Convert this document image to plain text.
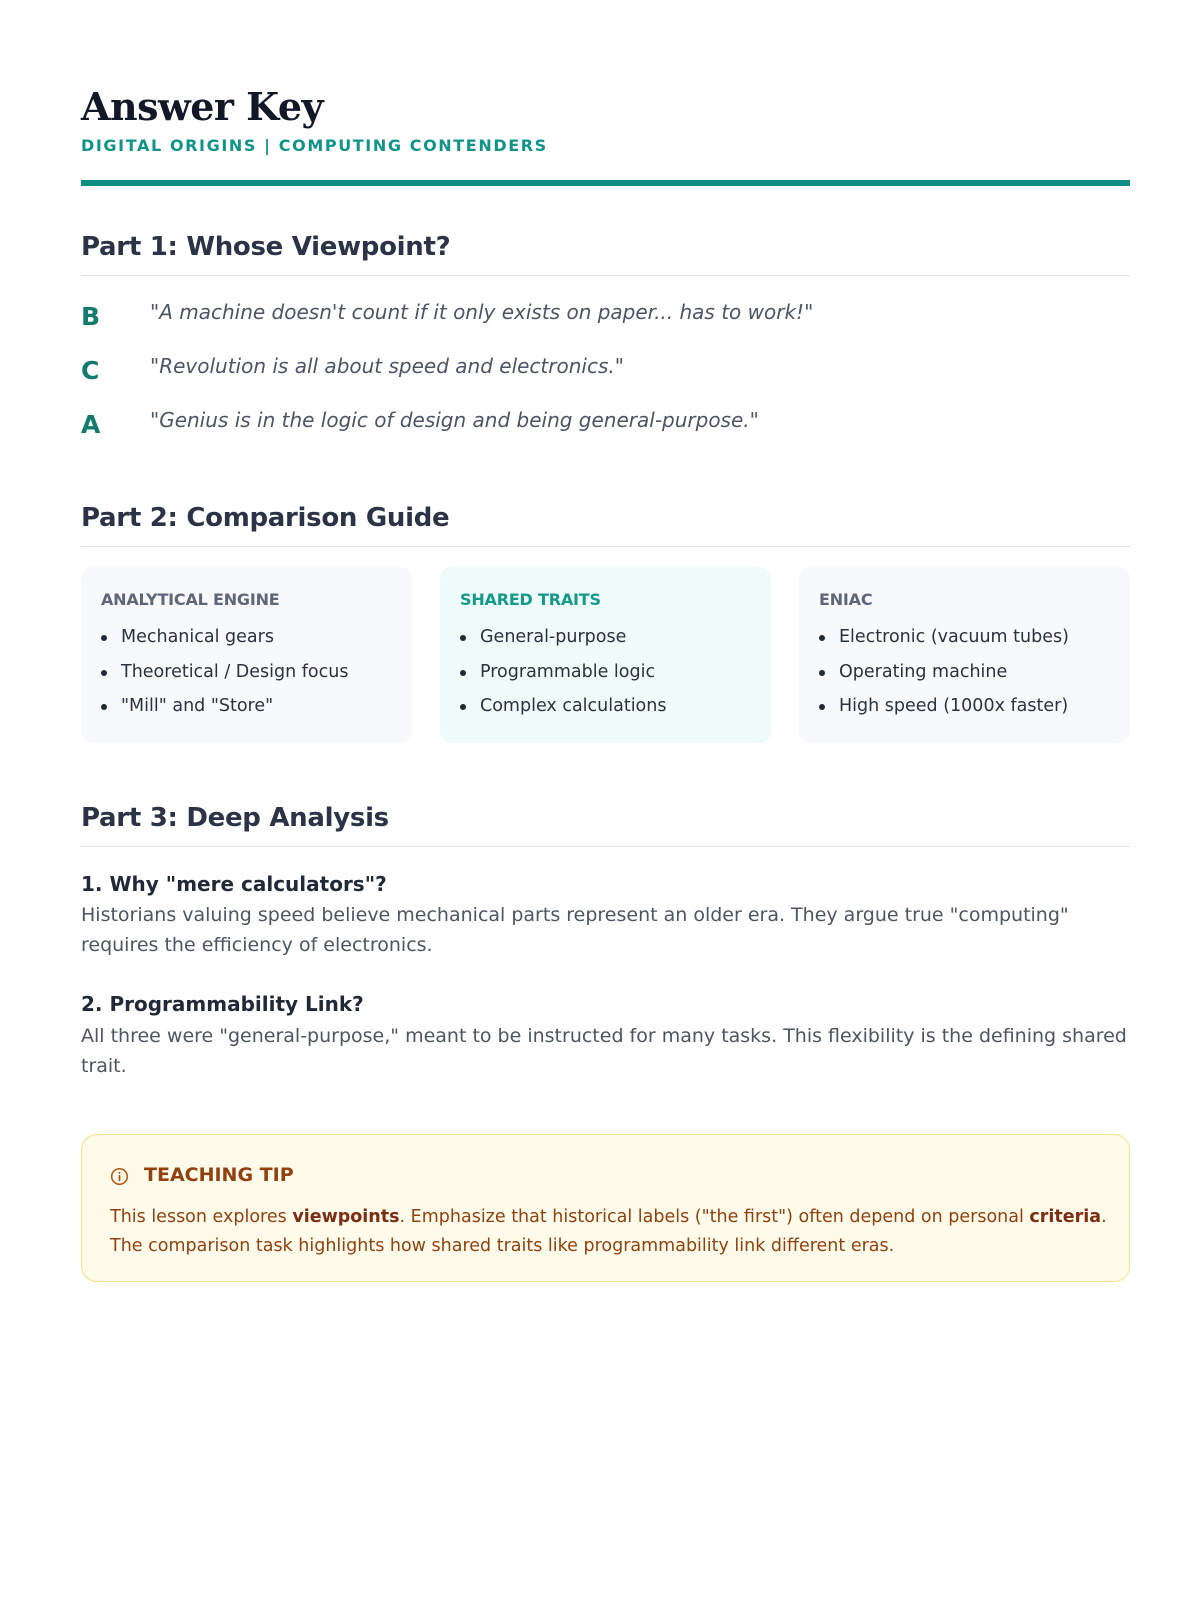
Answer Key
DIGITAL ORIGINS | COMPUTING CONTENDERS
Part 1: Whose Viewpoint?
B "A machine doesn't count if it only exists on paper... has to work!"
C	"Revolution is all about speed and electronics."
A "Genius is in the logic of design and being general-purpose."
Part 2: Comparison Guide
ANALYTICAL ENGINE
Mechanical gears
Theoretical / Design focus
"Mill" and "Store"
SHARED TRAITS
General-purpose
Programmable logic
Complex calculations
ENIAC
Electronic (vacuum tubes)
Operating machine
High speed (1000x faster)
Part 3: Deep Analysis
1. Why "mere calculators"?

Historians valuing speed believe mechanical parts represent an older era. They argue true "computing" requires the efficiency of electronics.

2. Programmability Link?

All three were "general-purpose," meant to be instructed for many tasks. This flexibility is the defining shared trait.

TEACHING TIP

This lesson explores viewpoints. Emphasize that historical labels ("the first") often depend on personal criteria. The comparison task highlights how shared traits like programmability link different eras.
